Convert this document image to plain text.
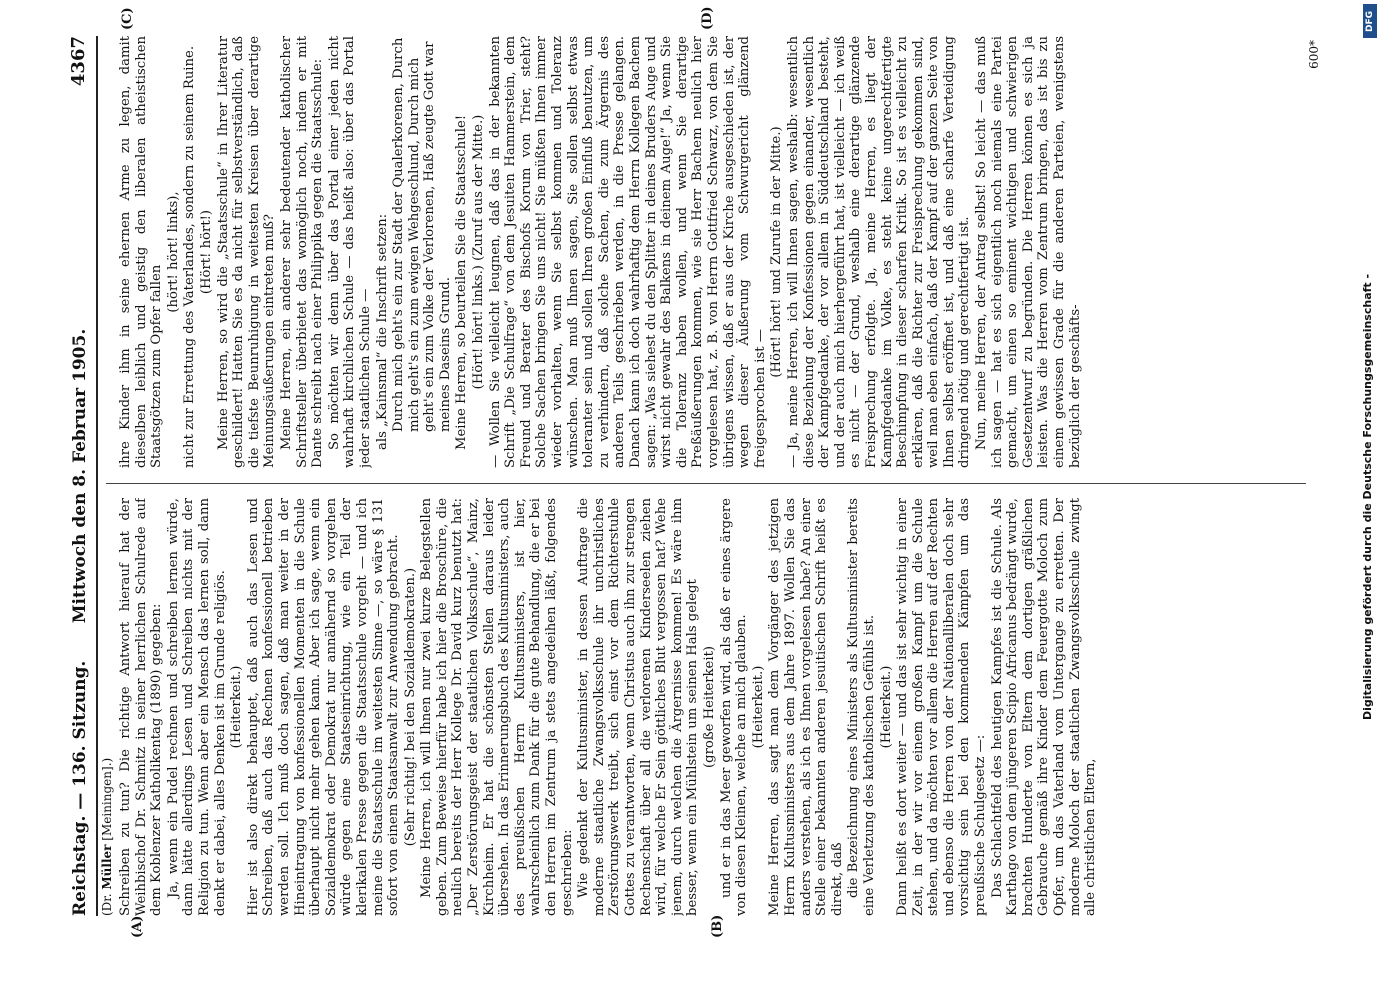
Reichstag. — 136. Sitzung.
Mittwoch den 8. Februar 1905.
4367
(Dr. Müller [Meiningen].)
(A)	(B)
(C)	(D)

Schreiben zu tun? Die richtige Antwort hierauf hat der Weihbischof Dr. Schmitz in seiner herrlichen Schulrede auf dem Koblenzer Katholikentag (1890) gegeben: Ja, wenn ein Pudel rechnen und schreiben lernen würde, dann hätte allerdings Lesen und Schreiben nichts mit der Religion zu tun. Wenn aber ein Mensch das lernen soll, dann denkt er dabei, alles Denken ist im Grunde religiös. (Heiterkeit.) Hier ist also direkt behauptet, daß auch das Lesen und Schreiben, daß auch das Rechnen konfessionell betrieben werden soll. Ich muß doch sagen, daß man weiter in der Hineintragung von konfessionellen Momenten in die Schule überhaupt nicht mehr gehen kann. Aber ich sage, wenn ein Sozialdemokrat oder Demokrat nur annähernd so vorgehen würde gegen eine Staatseinrichtung, wie ein Teil der klerikalen Presse gegen die Staatsschule vorgeht — und ich meine die Staatsschule im weitesten Sinne —, so wäre § 131 sofort von einem Staatsanwalt zur Anwendung gebracht. (Sehr richtig! bei den Sozialdemokraten.) Meine Herren, ich will Ihnen nur zwei kurze Belegstellen geben. Zum Beweise hierfür habe ich hier die Broschüre, die neulich bereits der Herr Kollege Dr. David kurz benutzt hat: „Der Zerstörungsgeist der staatlichen Volksschule“, Mainz, Kirchheim. Er hat die schönsten Stellen daraus leider übersehen. In das Erinnerungsbuch des Kultusministers, auch des preußischen Herrn Kultusministers, ist hier, wahrscheinlich zum Dank für die gute Behandlung, die er bei den Herren im Zentrum ja stets angedeihen läßt, folgendes geschrieben: Wie gedenkt der Kultusminister, in dessen Auftrage die moderne staatliche Zwangsvolksschule ihr unchristliches Zerstörungswerk treibt, sich einst vor dem Richterstuhle Gottes zu verantworten, wenn Christus auch ihn zur strengen Rechenschaft über all die verlorenen Kinderseelen ziehen wird, für welche Er Sein göttliches Blut vergossen hat? Wehe jenem, durch welchen die Ärgernisse kommen! Es wäre ihm besser, wenn ein Mühlstein um seinen Hals gelegt (große Heiterkeit) und er in das Meer geworfen wird, als daß er eines ärgere von diesen Kleinen, welche an mich glauben. (Heiterkeit.) Meine Herren, das sagt man dem Vorgänger des jetzigen Herrn Kultusministers aus dem Jahre 1897. Wollen Sie das anders verstehen, als ich es Ihnen vorgelesen habe? An einer Stelle einer bekannten anderen jesuitischen Schrift heißt es direkt, daß die Bezeichnung eines Ministers als Kultusminister bereits eine Verletzung des katholischen Gefühls ist. (Heiterkeit.) Dann heißt es dort weiter — und das ist sehr wichtig in einer Zeit, in der wir vor einem großen Kampf um die Schule stehen, und da möchten vor allem die Herren auf der Rechten und ebenso die Herren von der Nationalliberalen doch sehr vorsichtig sein bei den kommenden Kämpfen um das preußische Schulgesetz —: Das Schlachtfeld des heutigen Kampfes ist die Schule. Als Karthago von dem jüngeren Scipio Africanus bedrängt wurde, brachten Hunderte von Eltern dem dortigen gräßlichen Gebrauche gemäß ihre Kinder dem Feuergotte Moloch zum Opfer, um das Vaterland vom Untergange zu erretten. Der moderne Moloch der staatlichen Zwangsvolksschule zwingt alle christlichen Eltern,

ihre Kinder ihm in seine ehernen Arme zu legen, damit dieselben leiblich und geistig den liberalen atheistischen Staatsgötzen zum Opfer fallen

(hört! hört! links), nicht zur Errettung des Vaterlandes, sondern zu seinem Ruine. (Hört! hört!) Meine Herren, so wird die „Staatsschule“ in Ihrer Literatur geschildert! Hatten Sie es da nicht für selbstverständlich, daß die tiefste Beunruhigung in weitesten Kreisen über derartige Meinungsäußerungen eintreten muß? Meine Herren, ein anderer sehr bedeutender katholischer Schriftsteller überbietet das womöglich noch, indem er mit Dante schreibt nach einer Philippika gegen die Staatsschule: So möchten wir denn über das Portal einer jeden nicht wahrhaft kirchlichen Schule — das heißt also: über das Portal jeder staatlichen Schule — als „Kainsmal“ die Inschrift setzen: Durch mich geht's ein zur Stadt der Qualerkorenen, Durch mich geht's ein zum ewigen Wehgeschlund, Durch mich geht's ein zum Volke der Verlorenen, Haß zeugte Gott war meines Daseins Grund. Meine Herren, so beurteilen Sie die Staatsschule! (Hört! hört! links.) (Zuruf aus der Mitte.) — Wollen Sie vielleicht leugnen, daß das in der bekannten Schrift „Die Schulfrage“ von dem Jesuiten Hammerstein, dem Freund und Berater des Bischofs Korum von Trier, steht? Solche Sachen bringen Sie uns nicht! Sie müßten Ihnen immer wieder vorhalten, wenn Sie selbst kommen und Toleranz wünschen. Man muß Ihnen sagen, Sie sollen selbst etwas toleranter sein und sollen Ihren großen Einfluß benutzen, um zu verhindern, daß solche Sachen, die zum Ärgernis des anderen Teils geschrieben werden, in die Presse gelangen. Danach kann ich doch wahrhaftig dem Herrn Kollegen Bachem sagen: „Was siehest du den Splitter in deines Bruders Auge und wirst nicht gewahr des Balkens in deinem Auge!“ Ja, wenn Sie die Toleranz haben wollen, und wenn Sie derartige Preßäußerungen kommen, wie sie Herr Bachem neulich hier vorgelesen hat, z. B. von Herrn Gottfried Schwarz, von dem Sie übrigens wissen, daß er aus der Kirche ausgeschieden ist, der wegen dieser Äußerung vom Schwurgericht glänzend freigesprochen ist —

(Hört! hört! und Zurufe in der Mitte.) — Ja, meine Herren, ich will Ihnen sagen, weshalb: wesentlich diese Beziehung der Konfessionen gegen einander, wesentlich der Kampfgedanke, der vor allem in Süddeutschland besteht, und der auch mich hierhergeführt hat, ist vielleicht — ich weiß es nicht — der Grund, weshalb eine derartige glänzende Freisprechung erfolgte. Ja, meine Herren, es liegt der Kampfgedanke im Volke, es steht keine ungerechtfertigte Beschimpfung in dieser scharfen Kritik. So ist es vielleicht zu erklären, daß die Richter zur Freisprechung gekommen sind, weil man eben einfach, daß der Kampf auf der ganzen Seite von Ihnen selbst eröffnet ist, und daß eine scharfe Verteidigung dringend nötig und gerechtfertigt ist. Nun, meine Herren, der Antrag selbst! So leicht — das muß ich sagen — hat es sich eigentlich noch niemals eine Partei gemacht, um einen so eminent wichtigen und schwierigen Gesetzentwurf zu begründen. Die Herren können es sich ja leisten. Was die Herren vom Zentrum bringen, das ist bis zu einem gewissen Grade für die anderen Parteien, wenigstens bezüglich der geschäfts-

600*
DFG
Digitalisierung gefördert durch die Deutsche Forschungsgemeinschaft -
